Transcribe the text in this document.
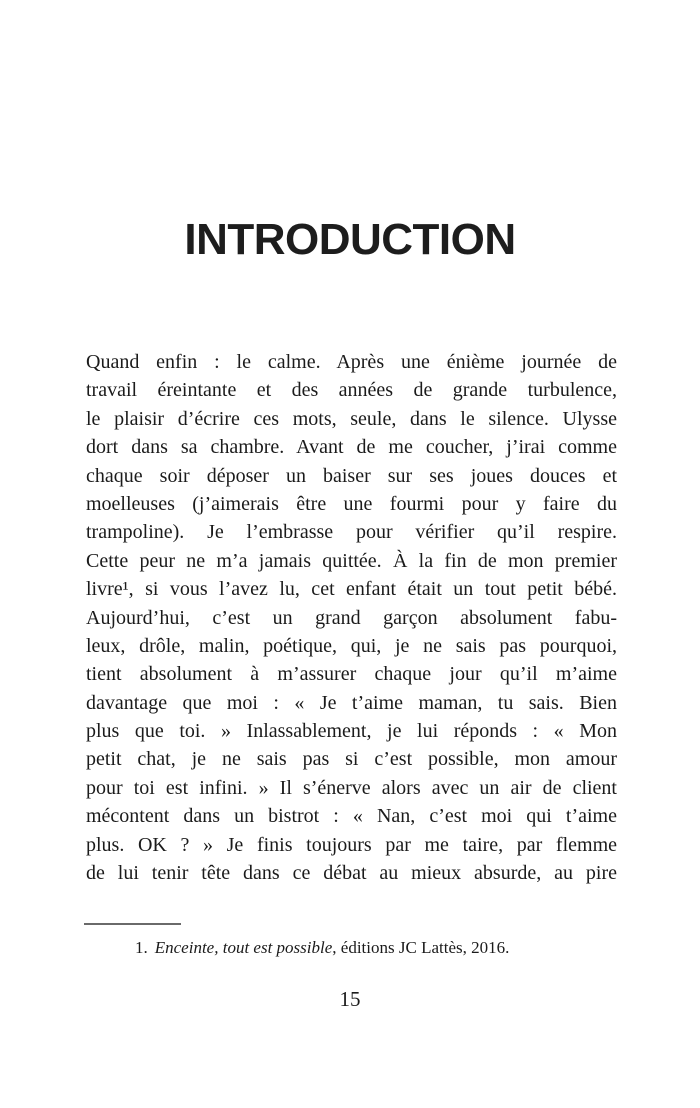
INTRODUCTION
Quand enfin : le calme. Après une énième journée de
travail éreintante et des années de grande turbulence,
le plaisir d’écrire ces mots, seule, dans le silence. Ulysse
dort dans sa chambre. Avant de me coucher, j’irai comme
chaque soir déposer un baiser sur ses joues douces et
moelleuses (j’aimerais être une fourmi pour y faire du
trampoline). Je l’embrasse pour vérifier qu’il respire.
Cette peur ne m’a jamais quittée. À la fin de mon premier
livre¹, si vous l’avez lu, cet enfant était un tout petit bébé.
Aujourd’hui, c’est un grand garçon absolument fabu-
leux, drôle, malin, poétique, qui, je ne sais pas pourquoi,
tient absolument à m’assurer chaque jour qu’il m’aime
davantage que moi : « Je t’aime maman, tu sais. Bien
plus que toi. » Inlassablement, je lui réponds : « Mon
petit chat, je ne sais pas si c’est possible, mon amour
pour toi est infini. » Il s’énerve alors avec un air de client
mécontent dans un bistrot : « Nan, c’est moi qui t’aime
plus. OK ? » Je finis toujours par me taire, par flemme
de lui tenir tête dans ce débat au mieux absurde, au pire

1. Enceinte, tout est possible, éditions JC Lattès, 2016.

15
